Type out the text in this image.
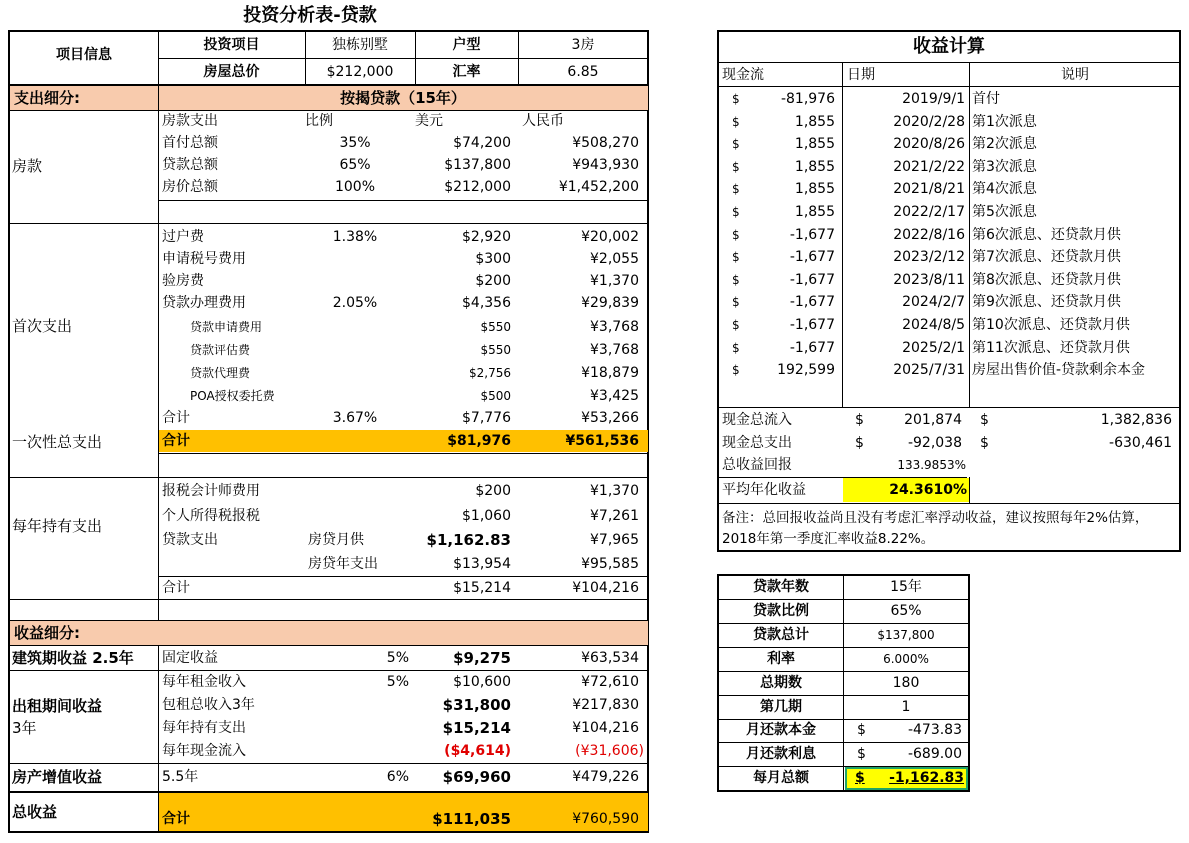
投资分析表-贷款
项目信息
投资项目	独栋别墅	户型	3房
房屋总价	$212,000	汇率	6.85
支出细分:	按揭贷款（15年）
房款
房款支出	比例	美元	人民币
首付总额	35%	$74,200	¥508,270
贷款总额	65%	$137,800	¥943,930
房价总额	100%	$212,000	¥1,452,200
首次支出
过户费	1.38%	$2,920	¥20,002
申请税号费用	$300	¥2,055
验房费	$200	¥1,370
贷款办理费用	2.05%	$4,356	¥29,839
贷款申请费用	$550	¥3,768
贷款评估费	$550	¥3,768
贷款代理费	$2,756	¥18,879
POA授权委托费	$500	¥3,425
合计	3.67%	$7,776	¥53,266
一次性总支出	合计	$81,976	¥561,536
每年持有支出
报税会计师费用	$200	¥1,370
个人所得税报税	$1,060	¥7,261
贷款支出	房贷月供	$1,162.83	¥7,965
房贷年支出	$13,954	¥95,585
合计	$15,214	¥104,216
收益细分:
建筑期收益 2.5年	固定收益	5%	$9,275	¥63,534
出租期间收益
3年
每年租金收入	5%	$10,600	¥72,610
包租总收入3年	$31,800	¥217,830
每年持有支出	$15,214	¥104,216
每年现金流入	($4,614)	(¥31,606)
房产增值收益	5.5年	6%	$69,960	¥479,226
总收益	合计	$111,035	¥760,590
收益计算
现金流	日期	说明
$	-81,976	2019/9/1 首付
$	1,855	2020/2/28 第1次派息
$	1,855	2020/8/26 第2次派息
$	1,855	2021/2/22 第3次派息
$	1,855	2021/8/21 第4次派息
$	1,855	2022/2/17 第5次派息
$	-1,677	2022/8/16 第6次派息、还贷款月供
$	-1,677	2023/2/12 第7次派息、还贷款月供
$	-1,677	2023/8/11 第8次派息、还贷款月供
$	-1,677	2024/2/7 第9次派息、还贷款月供
$	-1,677	2024/8/5 第10次派息、还贷款月供
$	-1,677	2025/2/1 第11次派息、还贷款月供
$	192,599	2025/7/31 房屋出售价值-贷款剩余本金
现金总流入	$	201,874 $	1,382,836
现金总支出	$	-92,038 $	-630,461
总收益回报	133.9853%
平均年化收益	24.3610%
备注：总回报收益尚且没有考虑汇率浮动收益，建议按照每年2%估算，2018年第一季度汇率收益8.22%。
贷款年数	15年
贷款比例	65%
贷款总计	$137,800
利率	6.000%
总期数	180
第几期	1
月还款本金	$	-473.83
月还款利息	$	-689.00
每月总额	$	-1,162.83
